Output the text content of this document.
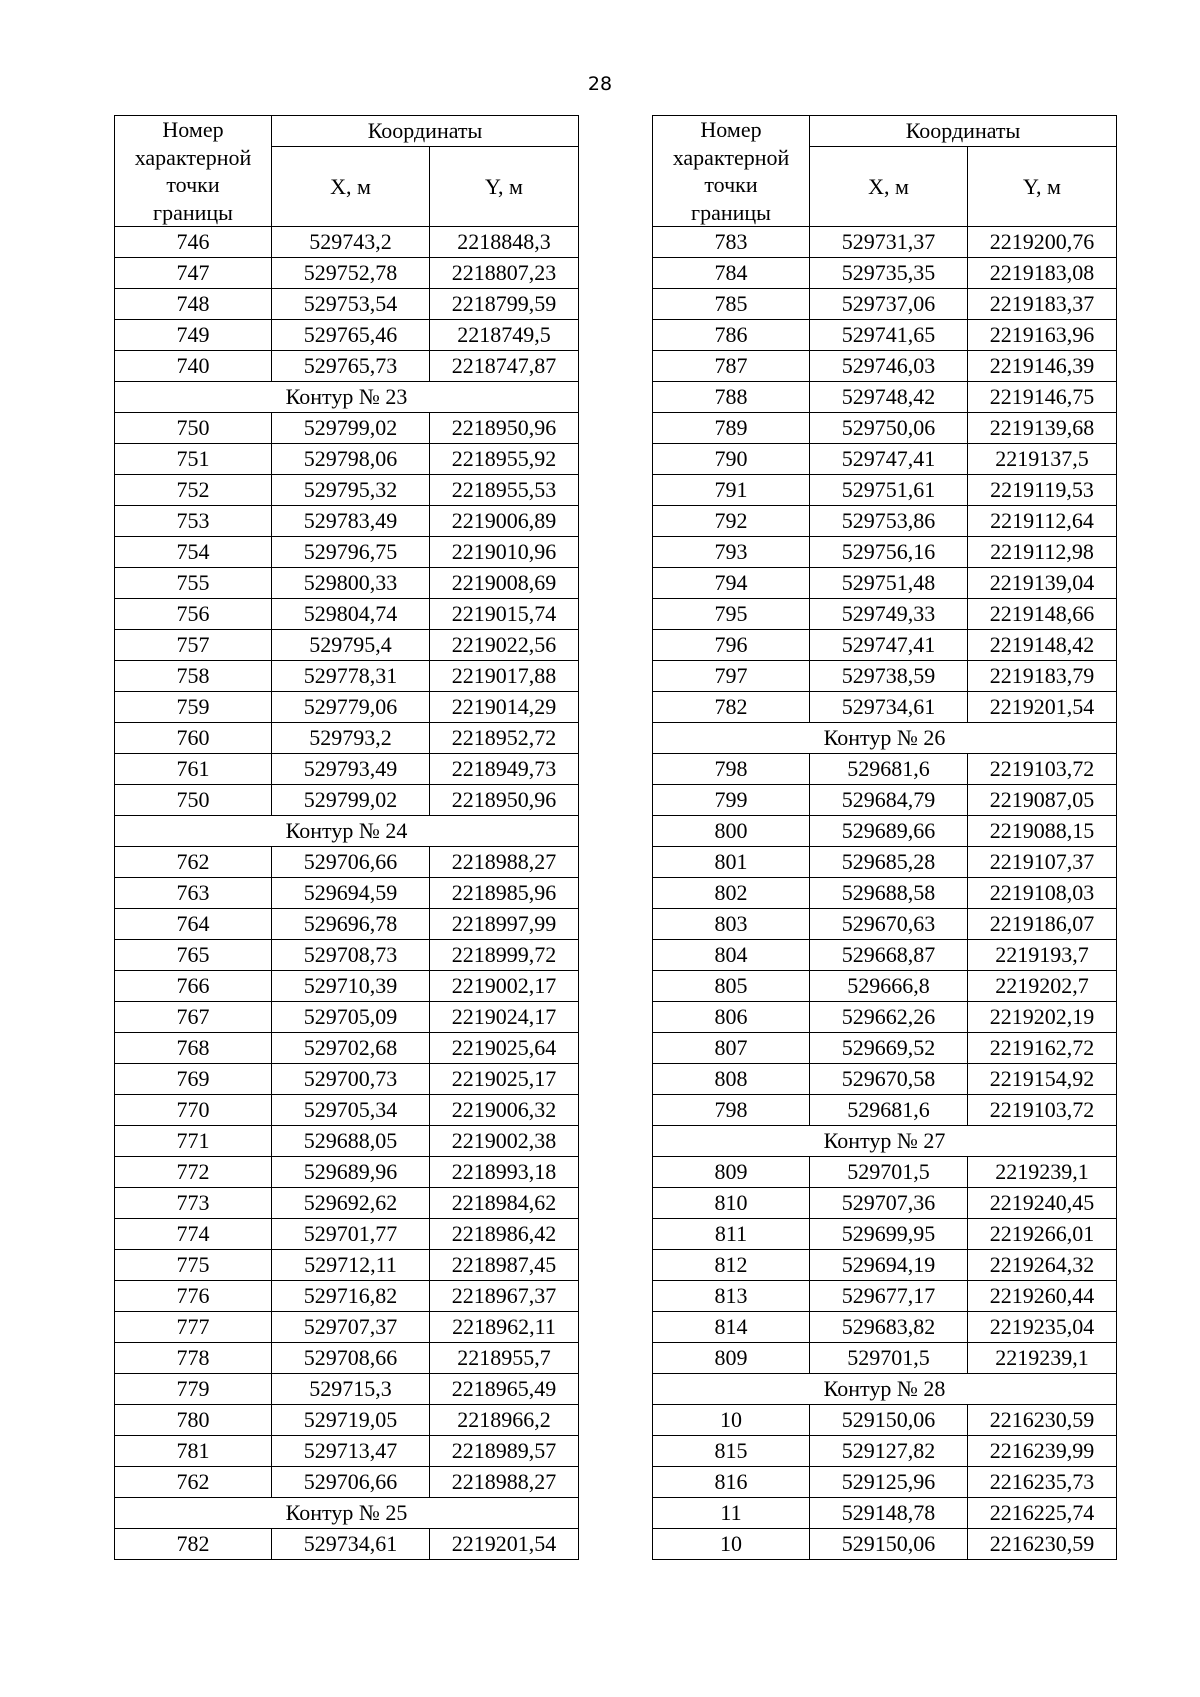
28
Номер
характерной
точки
границы	Координаты	
	X, м	Y, м
746	529743,2	2218848,3
747	529752,78	2218807,23
748	529753,54	2218799,59
749	529765,46	2218749,5
740	529765,73	2218747,87
Контур № 23		
750	529799,02	2218950,96
751	529798,06	2218955,92
752	529795,32	2218955,53
753	529783,49	2219006,89
754	529796,75	2219010,96
755	529800,33	2219008,69
756	529804,74	2219015,74
757	529795,4	2219022,56
758	529778,31	2219017,88
759	529779,06	2219014,29
760	529793,2	2218952,72
761	529793,49	2218949,73
750	529799,02	2218950,96
Контур № 24		
762	529706,66	2218988,27
763	529694,59	2218985,96
764	529696,78	2218997,99
765	529708,73	2218999,72
766	529710,39	2219002,17
767	529705,09	2219024,17
768	529702,68	2219025,64
769	529700,73	2219025,17
770	529705,34	2219006,32
771	529688,05	2219002,38
772	529689,96	2218993,18
773	529692,62	2218984,62
774	529701,77	2218986,42
775	529712,11	2218987,45
776	529716,82	2218967,37
777	529707,37	2218962,11
778	529708,66	2218955,7
779	529715,3	2218965,49
780	529719,05	2218966,2
781	529713,47	2218989,57
762	529706,66	2218988,27
Контур № 25		
782	529734,61	2219201,54
Номер
характерной
точки
границы	Координаты	
	X, м	Y, м
783	529731,37	2219200,76
784	529735,35	2219183,08
785	529737,06	2219183,37
786	529741,65	2219163,96
787	529746,03	2219146,39
788	529748,42	2219146,75
789	529750,06	2219139,68
790	529747,41	2219137,5
791	529751,61	2219119,53
792	529753,86	2219112,64
793	529756,16	2219112,98
794	529751,48	2219139,04
795	529749,33	2219148,66
796	529747,41	2219148,42
797	529738,59	2219183,79
782	529734,61	2219201,54
Контур № 26		
798	529681,6	2219103,72
799	529684,79	2219087,05
800	529689,66	2219088,15
801	529685,28	2219107,37
802	529688,58	2219108,03
803	529670,63	2219186,07
804	529668,87	2219193,7
805	529666,8	2219202,7
806	529662,26	2219202,19
807	529669,52	2219162,72
808	529670,58	2219154,92
798	529681,6	2219103,72
Контур № 27		
809	529701,5	2219239,1
810	529707,36	2219240,45
811	529699,95	2219266,01
812	529694,19	2219264,32
813	529677,17	2219260,44
814	529683,82	2219235,04
809	529701,5	2219239,1
Контур № 28		
10	529150,06	2216230,59
815	529127,82	2216239,99
816	529125,96	2216235,73
11	529148,78	2216225,74
10	529150,06	2216230,59
